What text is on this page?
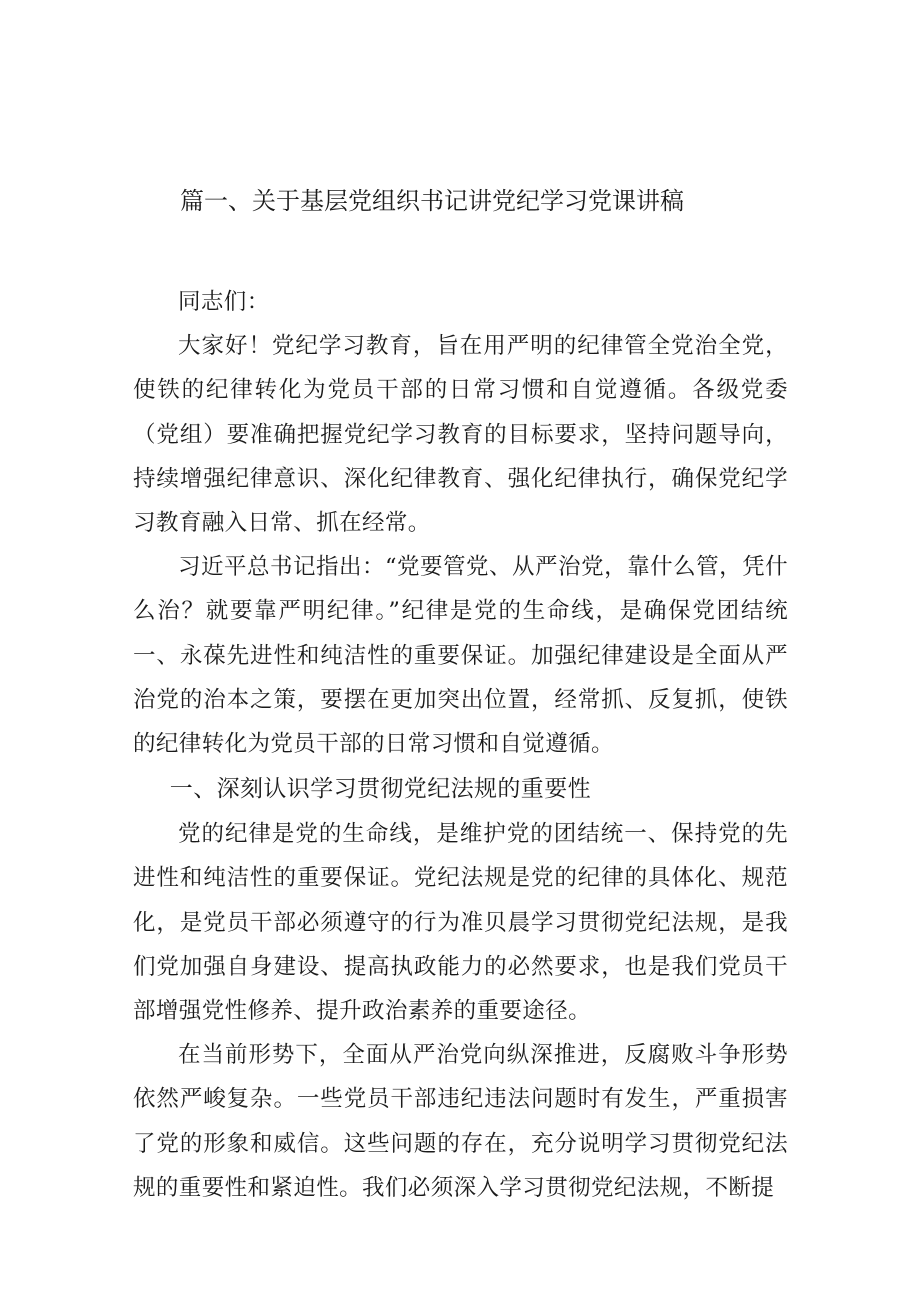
篇一、关于基层党组织书记讲党纪学习党课讲稿

同志们：

大家好！党纪学习教育，旨在用严明的纪律管全党治全党，使铁的纪律转化为党员干部的日常习惯和自觉遵循。各级党委（党组）要准确把握党纪学习教育的目标要求，坚持问题导向，持续增强纪律意识、深化纪律教育、强化纪律执行，确保党纪学习教育融入日常、抓在经常。

习近平总书记指出：“党要管党、从严治党，靠什么管，凭什么治？就要靠严明纪律。”纪律是党的生命线，是确保党团结统一、永葆先进性和纯洁性的重要保证。加强纪律建设是全面从严治党的治本之策，要摆在更加突出位置，经常抓、反复抓，使铁的纪律转化为党员干部的日常习惯和自觉遵循。

一、深刻认识学习贯彻党纪法规的重要性

党的纪律是党的生命线，是维护党的团结统一、保持党的先进性和纯洁性的重要保证。党纪法规是党的纪律的具体化、规范化，是党员干部必须遵守的行为准贝晨学习贯彻党纪法规，是我们党加强自身建设、提高执政能力的必然要求，也是我们党员干部增强党性修养、提升政治素养的重要途径。

在当前形势下，全面从严治党向纵深推进，反腐败斗争形势依然严峻复杂。一些党员干部违纪违法问题时有发生，严重损害了党的形象和威信。这些问题的存在，充分说明学习贯彻党纪法规的重要性和紧迫性。我们必须深入学习贯彻党纪法规，不断提
